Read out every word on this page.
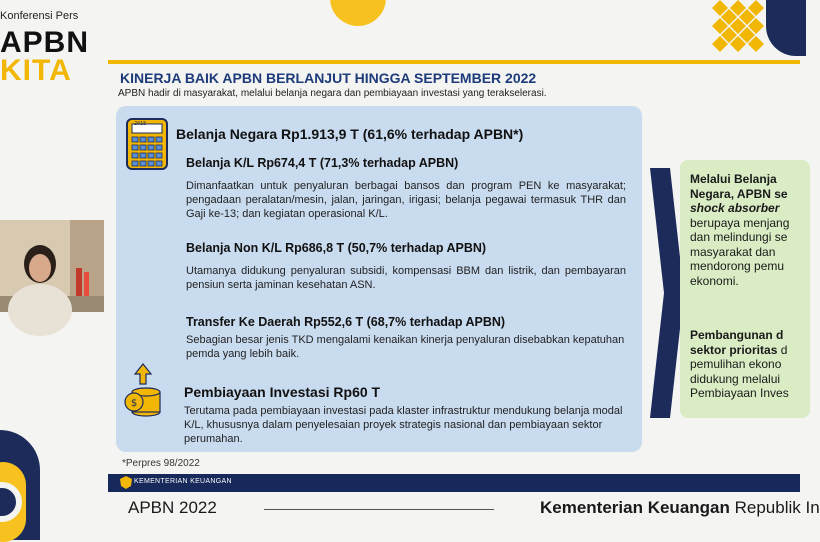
Konferensi Pers
APBN
KITA	KINERJA BAIK APBN BERLANJUT HINGGA SEPTEMBER 2022
APBN hadir di masyarakat, melalui belanja negara dan pembiayaan investasi yang terakselerasi.
2018
Belanja Negara Rp1.913,9 T (61,6% terhadap APBN*)
Belanja K/L Rp674,4 T (71,3% terhadap APBN)
Dimanfaatkan untuk penyaluran berbagai bansos dan program PEN ke masyarakat; pengadaan peralatan/mesin, jalan, jaringan, irigasi; belanja pegawai termasuk THR dan Gaji ke-13; dan kegiatan operasional K/L.
Belanja Non K/L Rp686,8 T (50,7% terhadap APBN)
Utamanya didukung penyaluran subsidi, kompensasi BBM dan listrik, dan pembayaran pensiun serta jaminan kesehatan ASN.
Transfer Ke Daerah Rp552,6 T (68,7% terhadap APBN)
Sebagian besar jenis TKD mengalami kenaikan kinerja penyaluran disebabkan kepatuhan pemda yang lebih baik.
$
Pembiayaan Investasi Rp60 T
Terutama pada pembiayaan investasi pada klaster infrastruktur mendukung belanja modal K/L, khususnya dalam penyelesaian proyek strategis nasional dan pembiayaan sektor perumahan.
Melalui Belanja Negara, APBN se
shock absorber
berupaya menjang dan melindungi se masyarakat dan mendorong pemu ekonomi.
Pembangunan d sektor prioritas d pemulihan ekono didukung melalui Pembiayaan Inves
*Perpres 98/2022
KEMENTERIAN KEUANGAN
APBN 2022	Kementerian Keuangan Republik In
